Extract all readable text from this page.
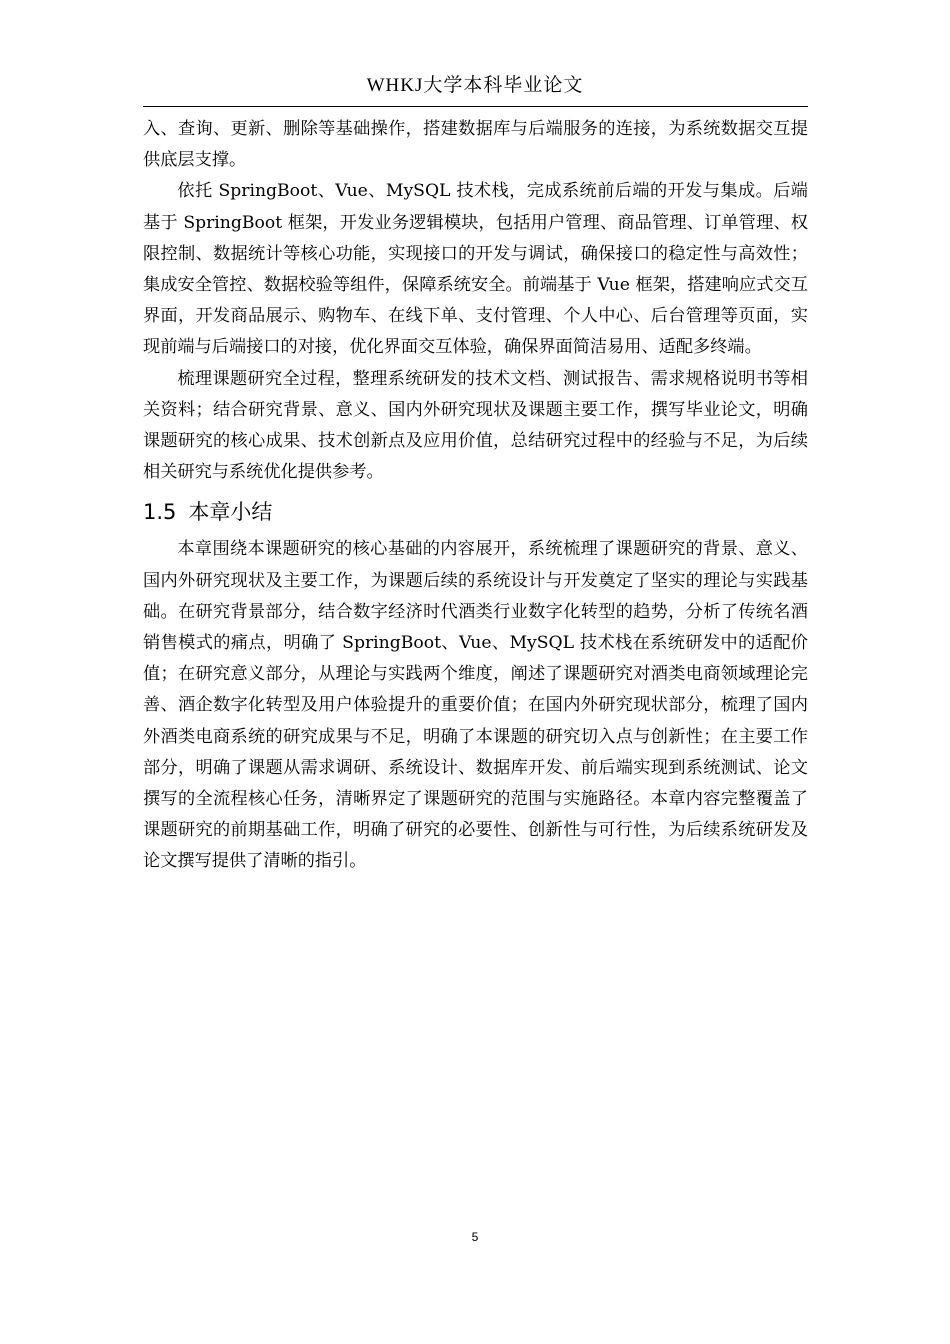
WHKJ大学本科毕业论文

入、查询、更新、删除等基础操作，搭建数据库与后端服务的连接，为系统数据交互提供底层支撑。

依托 SpringBoot、Vue、MySQL 技术栈，完成系统前后端的开发与集成。后端基于 SpringBoot 框架，开发业务逻辑模块，包括用户管理、商品管理、订单管理、权限控制、数据统计等核心功能，实现接口的开发与调试，确保接口的稳定性与高效性；集成安全管控、数据校验等组件，保障系统安全。前端基于 Vue 框架，搭建响应式交互界面，开发商品展示、购物车、在线下单、支付管理、个人中心、后台管理等页面，实现前端与后端接口的对接，优化界面交互体验，确保界面简洁易用、适配多终端。

梳理课题研究全过程，整理系统研发的技术文档、测试报告、需求规格说明书等相关资料；结合研究背景、意义、国内外研究现状及课题主要工作，撰写毕业论文，明确课题研究的核心成果、技术创新点及应用价值，总结研究过程中的经验与不足，为后续相关研究与系统优化提供参考。

1.5 本章小结

本章围绕本课题研究的核心基础的内容展开，系统梳理了课题研究的背景、意义、国内外研究现状及主要工作，为课题后续的系统设计与开发奠定了坚实的理论与实践基础。在研究背景部分，结合数字经济时代酒类行业数字化转型的趋势，分析了传统名酒销售模式的痛点，明确了 SpringBoot、Vue、MySQL 技术栈在系统研发中的适配价值；在研究意义部分，从理论与实践两个维度，阐述了课题研究对酒类电商领域理论完善、酒企数字化转型及用户体验提升的重要价值；在国内外研究现状部分，梳理了国内外酒类电商系统的研究成果与不足，明确了本课题的研究切入点与创新性；在主要工作部分，明确了课题从需求调研、系统设计、数据库开发、前后端实现到系统测试、论文撰写的全流程核心任务，清晰界定了课题研究的范围与实施路径。本章内容完整覆盖了课题研究的前期基础工作，明确了研究的必要性、创新性与可行性，为后续系统研发及论文撰写提供了清晰的指引。

5
